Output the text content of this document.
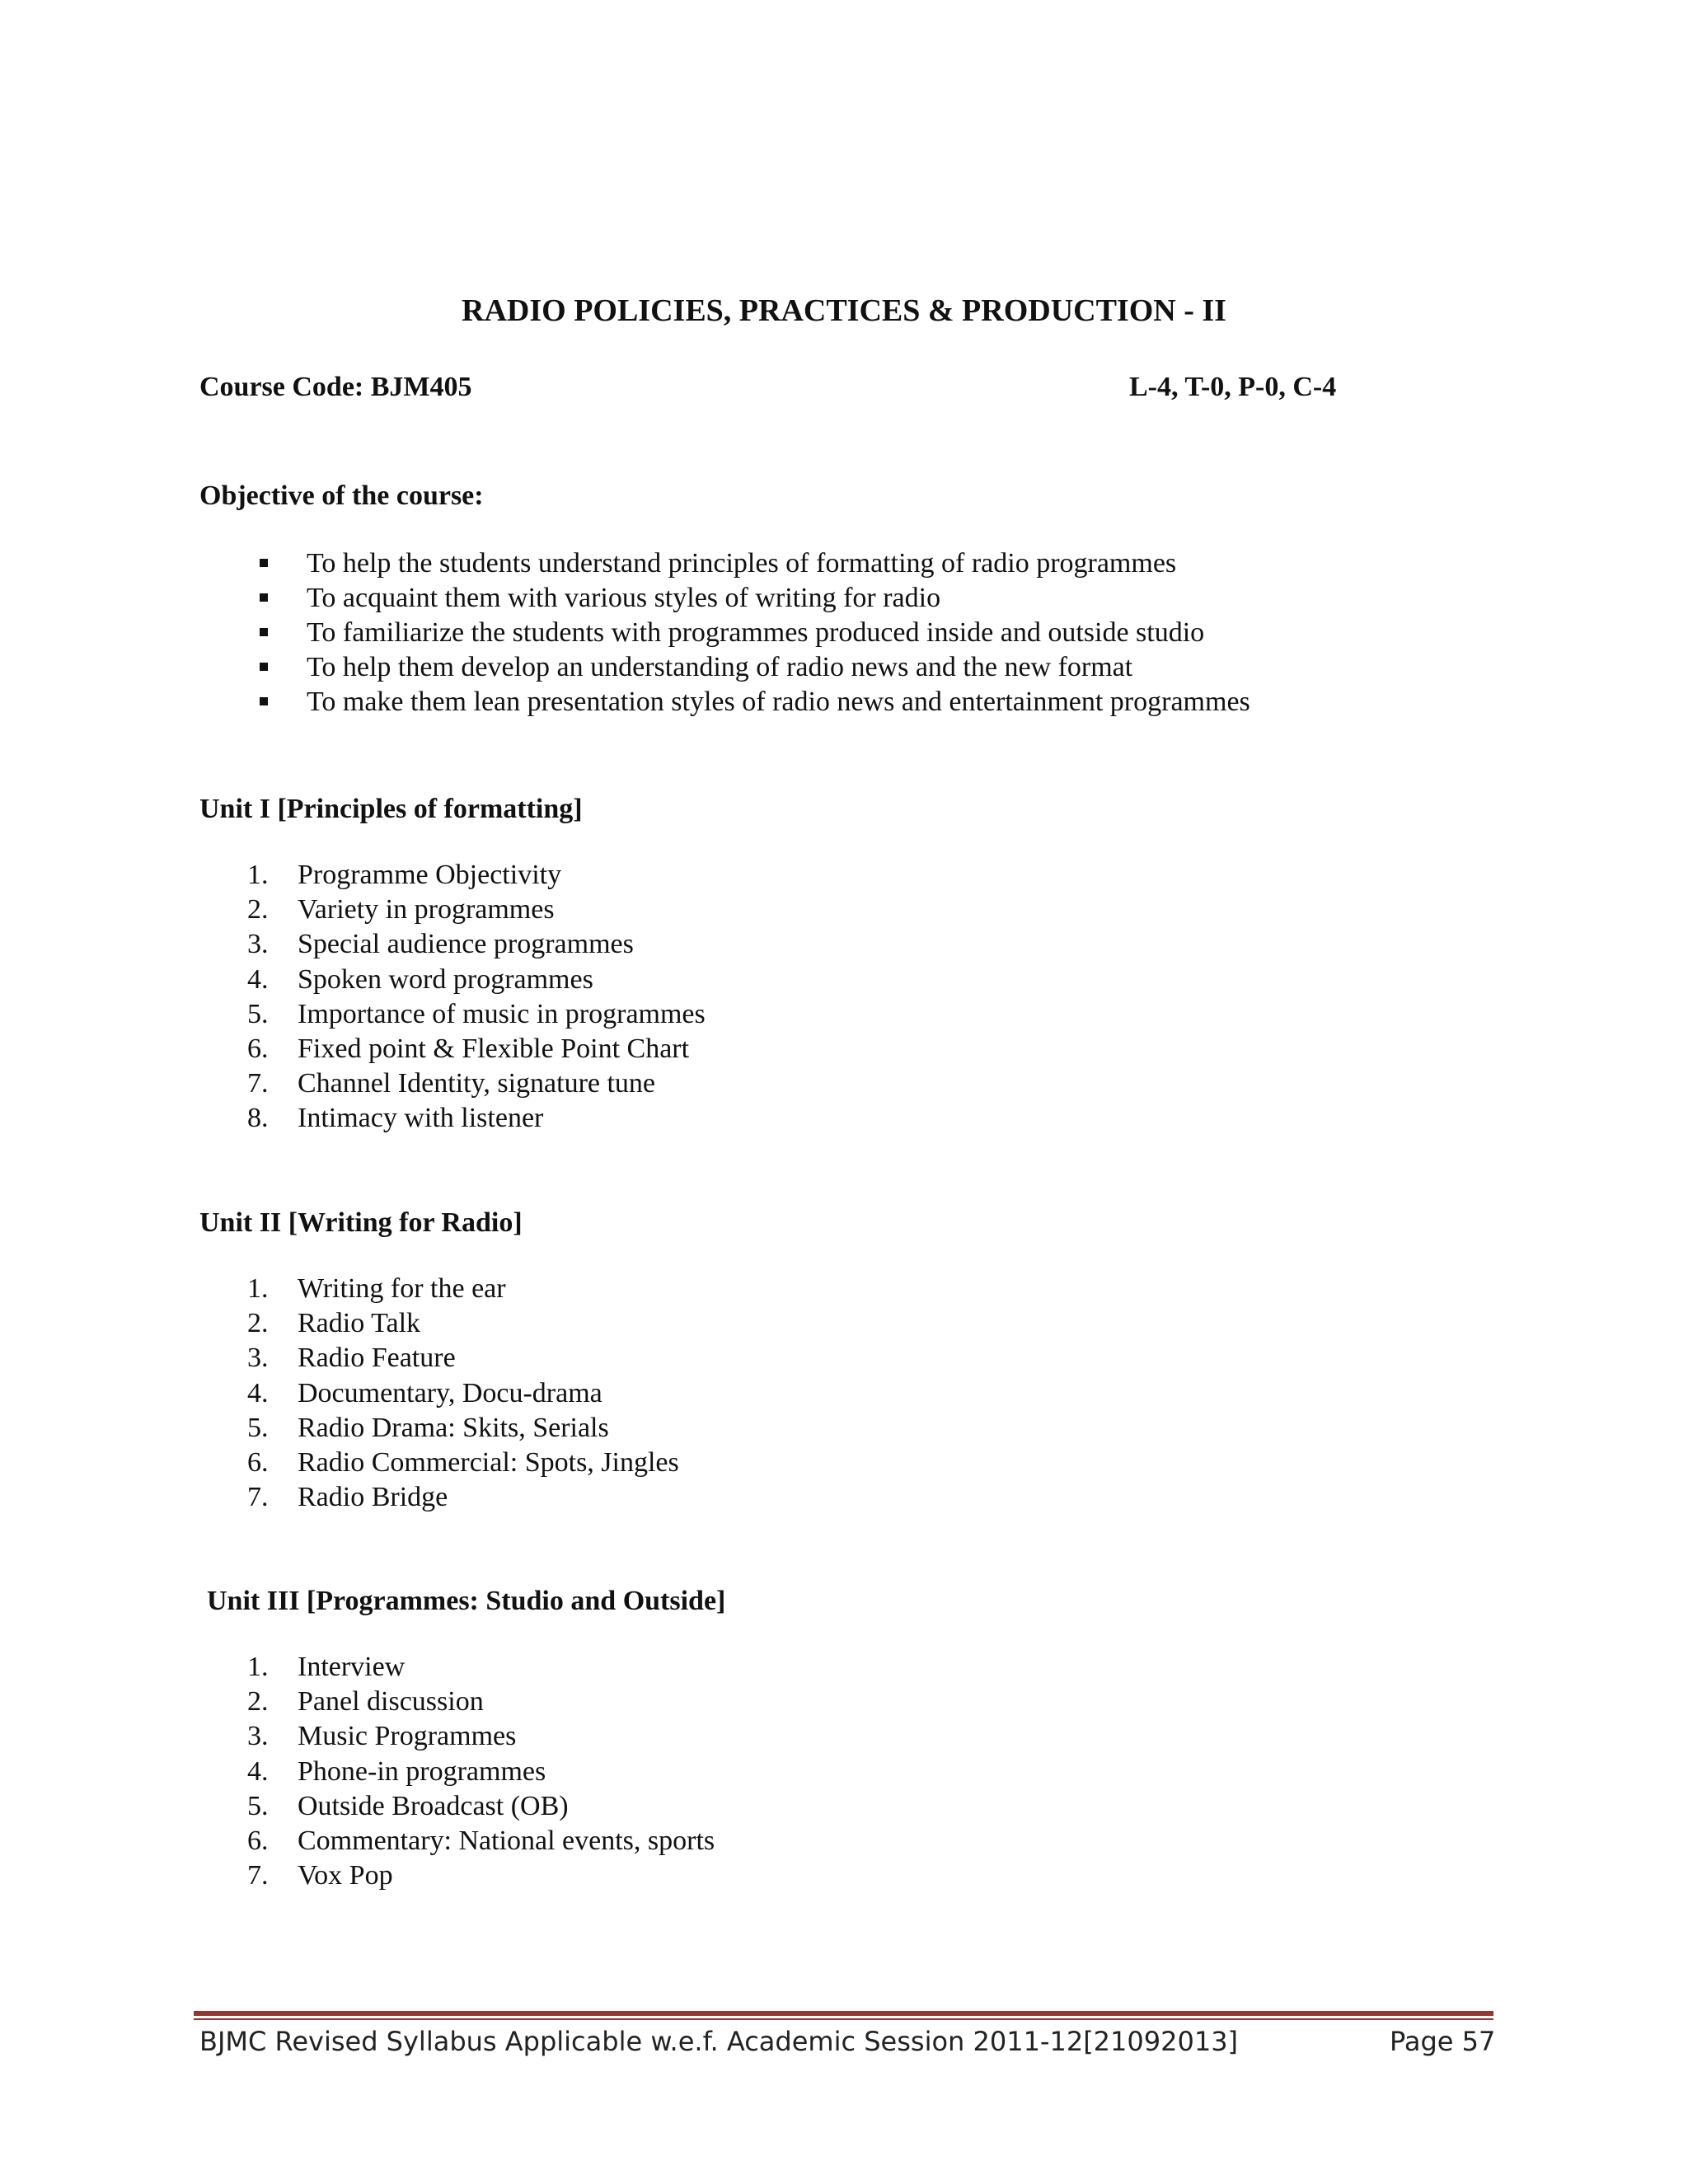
RADIO POLICIES, PRACTICES & PRODUCTION - II
Course Code: BJM405	L-4, T-0, P-0, C-4
Objective of the course:
To help the students understand principles of formatting of radio programmes
To acquaint them with various styles of writing for radio
To familiarize the students with programmes produced inside and outside studio
To help them develop an understanding of radio news and the new format
To make them lean presentation styles of radio news and entertainment programmes
Unit I [Principles of formatting]
1.	Programme Objectivity
2.	Variety in programmes
3.	Special audience programmes
4.	Spoken word programmes
5.	Importance of music in programmes
6.	Fixed point & Flexible Point Chart
7.	Channel Identity, signature tune
8.	Intimacy with listener
Unit II [Writing for Radio]
1.	Writing for the ear
2.	Radio Talk
3.	Radio Feature
4.	Documentary, Docu-drama
5.	Radio Drama: Skits, Serials
6.	Radio Commercial: Spots, Jingles
7.	Radio Bridge
Unit III [Programmes: Studio and Outside]
1.	Interview
2.	Panel discussion
3.	Music Programmes
4.	Phone-in programmes
5.	Outside Broadcast (OB)
6.	Commentary: National events, sports
7.	Vox Pop
BJMC Revised Syllabus Applicable w.e.f. Academic Session 2011-12[21092013]	Page 57
